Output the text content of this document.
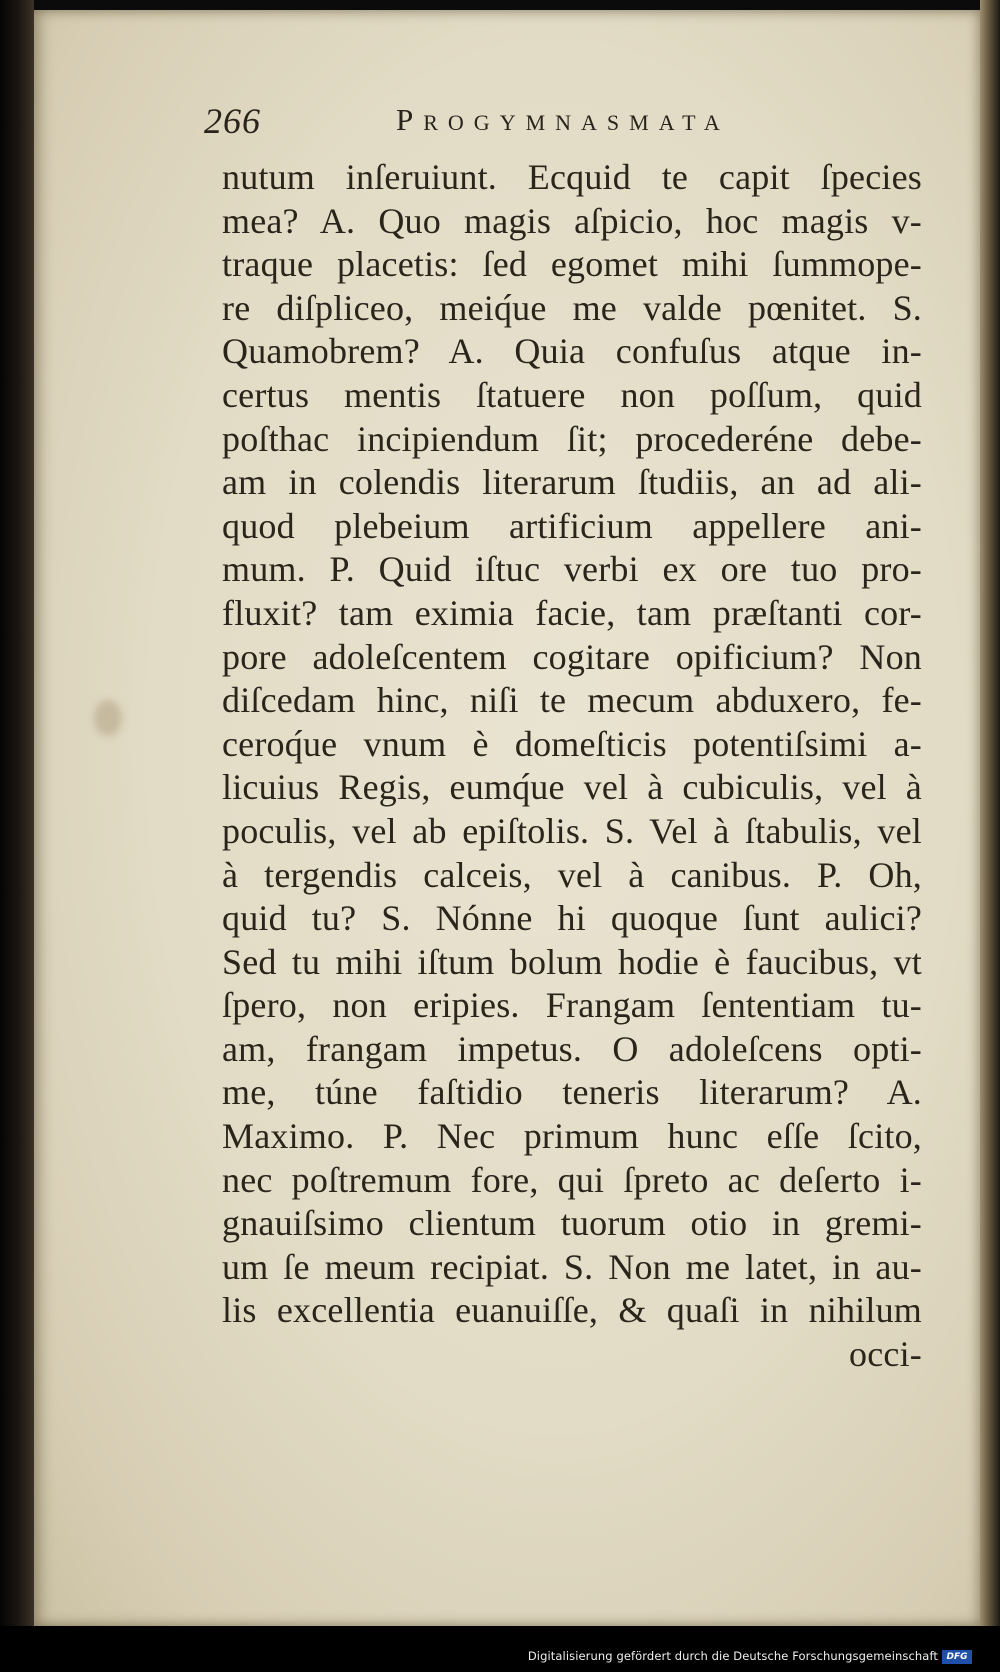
266	Progymnasmata
nutum inſeruiunt. Ecquid te capit ſpecies
mea? A. Quo magis aſpicio, hoc magis v-
traque placetis: ſed egomet mihi ſummope-
re diſpliceo, meiq́ue me valde pœnitet. S.
Quamobrem? A. Quia confuſus atque in-
certus mentis ſtatuere non poſſum, quid
poſthac incipiendum ſit; procederéne debe-
am in colendis literarum ſtudiis, an ad ali-
quod plebeium artificium appellere ani-
mum. P. Quid iſtuc verbi ex ore tuo pro-
fluxit? tam eximia facie, tam præſtanti cor-
pore adoleſcentem cogitare opificium? Non
diſcedam hinc, niſi te mecum abduxero, fe-
ceroq́ue vnum è domeſticis potentiſsimi a-
licuius Regis, eumq́ue vel à cubiculis, vel à
poculis, vel ab epiſtolis. S. Vel à ſtabulis, vel
à tergendis calceis, vel à canibus. P. Oh,
quid tu? S. Nónne hi quoque ſunt aulici?
Sed tu mihi iſtum bolum hodie è faucibus, vt
ſpero, non eripies. Frangam ſententiam tu-
am, frangam impetus. O adoleſcens opti-
me, túne faſtidio teneris literarum? A.
Maximo. P. Nec primum hunc eſſe ſcito,
nec poſtremum fore, qui ſpreto ac deſerto i-
gnauiſsimo clientum tuorum otio in gremi-
um ſe meum recipiat. S. Non me latet, in au-
lis excellentia euanuiſſe, & quaſi in nihilum
occi-
Digitalisierung gefördert durch die Deutsche Forschungsgemeinschaft DFG
